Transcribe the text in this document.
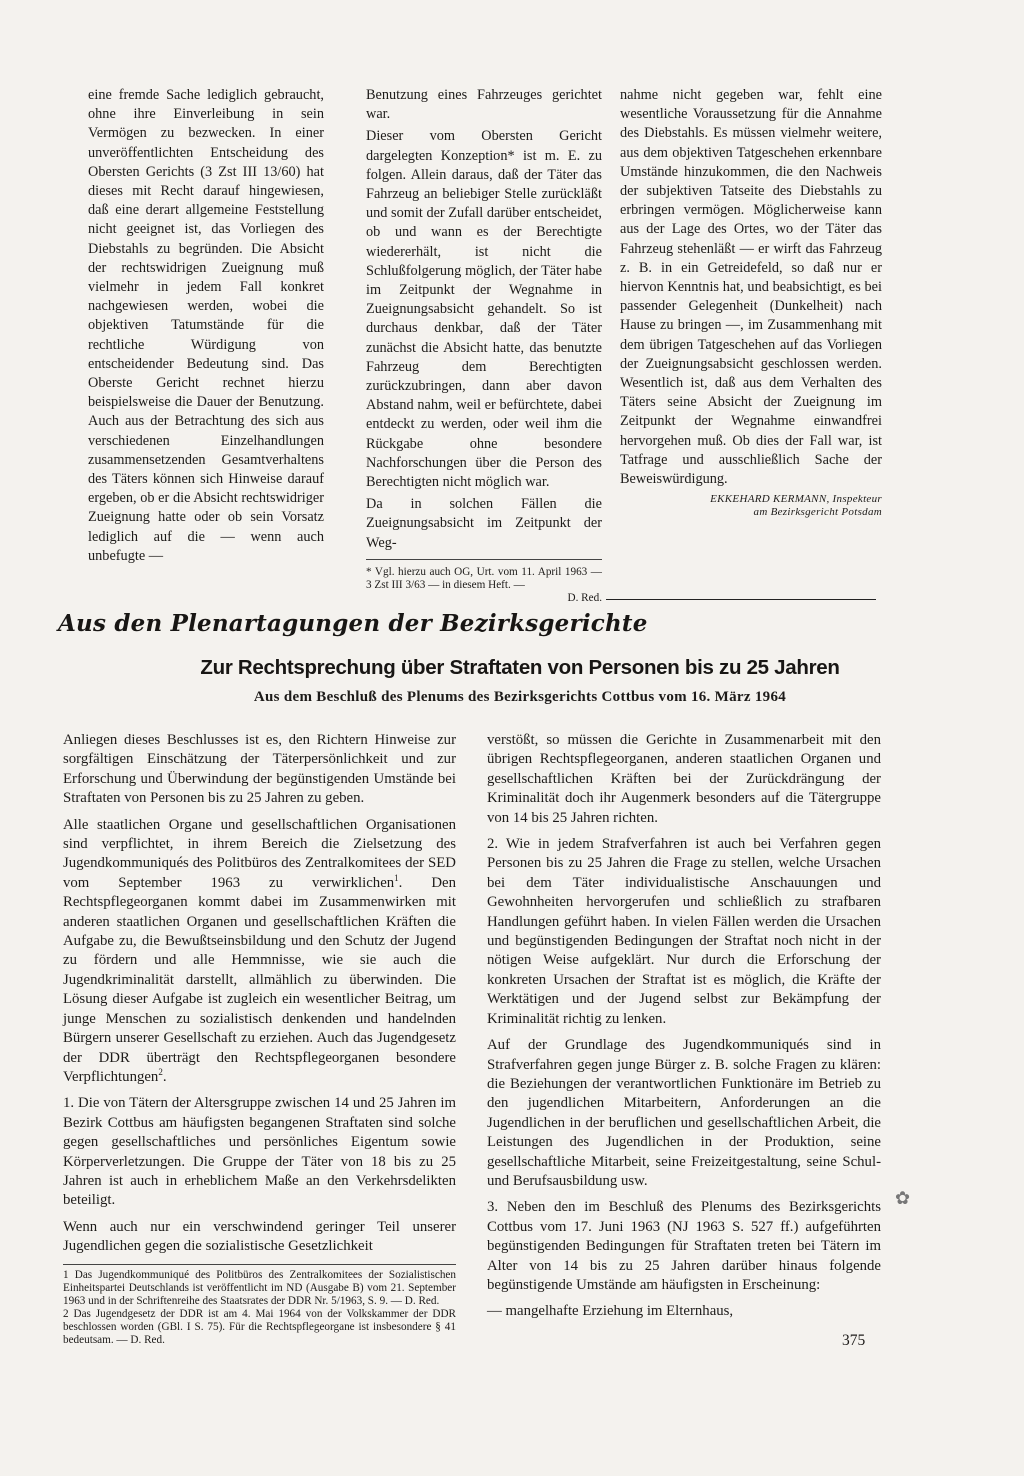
eine fremde Sache lediglich gebraucht, ohne ihre Einverleibung in sein Vermögen zu bezwecken. In einer unveröffentlichten Entscheidung des Obersten Gerichts (3 Zst III 13/60) hat dieses mit Recht darauf hingewiesen, daß eine derart allgemeine Feststellung nicht geeignet ist, das Vorliegen des Diebstahls zu begründen. Die Absicht der rechtswidrigen Zueignung muß vielmehr in jedem Fall konkret nachgewiesen werden, wobei die objektiven Tatumstände für die rechtliche Würdigung von entscheidender Bedeutung sind. Das Oberste Gericht rechnet hierzu beispielsweise die Dauer der Benutzung. Auch aus der Betrachtung des sich aus verschiedenen Einzelhandlungen zusammensetzenden Gesamtverhaltens des Täters können sich Hinweise darauf ergeben, ob er die Absicht rechtswidriger Zueignung hatte oder ob sein Vorsatz lediglich auf die — wenn auch unbefugte —

Benutzung eines Fahrzeuges gerichtet war.

Dieser vom Obersten Gericht dargelegten Konzeption* ist m. E. zu folgen. Allein daraus, daß der Täter das Fahrzeug an beliebiger Stelle zurückläßt und somit der Zufall darüber entscheidet, ob und wann es der Berechtigte wiedererhält, ist nicht die Schlußfolgerung möglich, der Täter habe im Zeitpunkt der Wegnahme in Zueignungsabsicht gehandelt. So ist durchaus denkbar, daß der Täter zunächst die Absicht hatte, das benutzte Fahrzeug dem Berechtigten zurückzubringen, dann aber davon Abstand nahm, weil er befürchtete, dabei entdeckt zu werden, oder weil ihm die Rückgabe ohne besondere Nachforschungen über die Person des Berechtigten nicht möglich war.

Da in solchen Fällen die Zueignungsabsicht im Zeitpunkt der Weg-

* Vgl. hierzu auch OG, Urt. vom 11. April 1963 — 3 Zst III 3/63 — in diesem Heft. —
D. Red.

nahme nicht gegeben war, fehlt eine wesentliche Voraussetzung für die Annahme des Diebstahls. Es müssen vielmehr weitere, aus dem objektiven Tatgeschehen erkennbare Umstände hinzukommen, die den Nachweis der subjektiven Tatseite des Diebstahls zu erbringen vermögen. Möglicherweise kann aus der Lage des Ortes, wo der Täter das Fahrzeug stehenläßt — er wirft das Fahrzeug z. B. in ein Getreidefeld, so daß nur er hiervon Kenntnis hat, und beabsichtigt, es bei passender Gelegenheit (Dunkelheit) nach Hause zu bringen —, im Zusammenhang mit dem übrigen Tatgeschehen auf das Vorliegen der Zueignungsabsicht geschlossen werden. Wesentlich ist, daß aus dem Verhalten des Täters seine Absicht der Zueignung im Zeitpunkt der Wegnahme einwandfrei hervorgehen muß. Ob dies der Fall war, ist Tatfrage und ausschließlich Sache der Beweiswürdigung.

EKKEHARD KERMANN, Inspekteur
am Bezirksgericht Potsdam
Aus den Plenartagungen der Bezirksgerichte
Zur Rechtsprechung über Straftaten von Personen bis zu 25 Jahren
Aus dem Beschluß des Plenums des Bezirksgerichts Cottbus vom 16. März 1964

Anliegen dieses Beschlusses ist es, den Richtern Hinweise zur sorgfältigen Einschätzung der Täterpersönlichkeit und zur Erforschung und Überwindung der begünstigenden Umstände bei Straftaten von Personen bis zu 25 Jahren zu geben.

Alle staatlichen Organe und gesellschaftlichen Organisationen sind verpflichtet, in ihrem Bereich die Zielsetzung des Jugendkommuniqués des Politbüros des Zentralkomitees der SED vom September 1963 zu verwirklichen$^1$. Den Rechtspflegeorganen kommt dabei im Zusammenwirken mit anderen staatlichen Organen und gesellschaftlichen Kräften die Aufgabe zu, die Bewußtseinsbildung und den Schutz der Jugend zu fördern und alle Hemmnisse, wie sie auch die Jugendkriminalität darstellt, allmählich zu überwinden. Die Lösung dieser Aufgabe ist zugleich ein wesentlicher Beitrag, um junge Menschen zu sozialistisch denkenden und handelnden Bürgern unserer Gesellschaft zu erziehen. Auch das Jugendgesetz der DDR überträgt den Rechtspflegeorganen besondere Verpflichtungen$^2$.

1. Die von Tätern der Altersgruppe zwischen 14 und 25 Jahren im Bezirk Cottbus am häufigsten begangenen Straftaten sind solche gegen gesellschaftliches und persönliches Eigentum sowie Körperverletzungen. Die Gruppe der Täter von 18 bis zu 25 Jahren ist auch in erheblichem Maße an den Verkehrsdelikten beteiligt.

Wenn auch nur ein verschwindend geringer Teil unserer Jugendlichen gegen die sozialistische Gesetzlichkeit

1 Das Jugendkommuniqué des Politbüros des Zentralkomitees der Sozialistischen Einheitspartei Deutschlands ist veröffentlicht im ND (Ausgabe B) vom 21. September 1963 und in der Schriftenreihe des Staatsrates der DDR Nr. 5/1963, S. 9. — D. Red.

2 Das Jugendgesetz der DDR ist am 4. Mai 1964 von der Volkskammer der DDR beschlossen worden (GBl. I S. 75). Für die Rechtspflegeorgane ist insbesondere § 41 bedeutsam. — D. Red.

verstößt, so müssen die Gerichte in Zusammenarbeit mit den übrigen Rechtspflegeorganen, anderen staatlichen Organen und gesellschaftlichen Kräften bei der Zurückdrängung der Kriminalität doch ihr Augenmerk besonders auf die Tätergruppe von 14 bis 25 Jahren richten.

2. Wie in jedem Strafverfahren ist auch bei Verfahren gegen Personen bis zu 25 Jahren die Frage zu stellen, welche Ursachen bei dem Täter individualistische Anschauungen und Gewohnheiten hervorgerufen und schließlich zu strafbaren Handlungen geführt haben. In vielen Fällen werden die Ursachen und begünstigenden Bedingungen der Straftat noch nicht in der nötigen Weise aufgeklärt. Nur durch die Erforschung der konkreten Ursachen der Straftat ist es möglich, die Kräfte der Werktätigen und der Jugend selbst zur Bekämpfung der Kriminalität richtig zu lenken.

Auf der Grundlage des Jugendkommuniqués sind in Strafverfahren gegen junge Bürger z. B. solche Fragen zu klären: die Beziehungen der verantwortlichen Funktionäre im Betrieb zu den jugendlichen Mitarbeitern, Anforderungen an die Jugendlichen in der beruflichen und gesellschaftlichen Arbeit, die Leistungen des Jugendlichen in der Produktion, seine gesellschaftliche Mitarbeit, seine Freizeitgestaltung, seine Schul- und Berufsausbildung usw.

3. Neben den im Beschluß des Plenums des Bezirksgerichts Cottbus vom 17. Juni 1963 (NJ 1963 S. 527 ff.) aufgeführten begünstigenden Bedingungen für Straftaten treten bei Tätern im Alter von 14 bis zu 25 Jahren darüber hinaus folgende begünstigende Umstände am häufigsten in Erscheinung:

— mangelhafte Erziehung im Elternhaus,

✿
375
